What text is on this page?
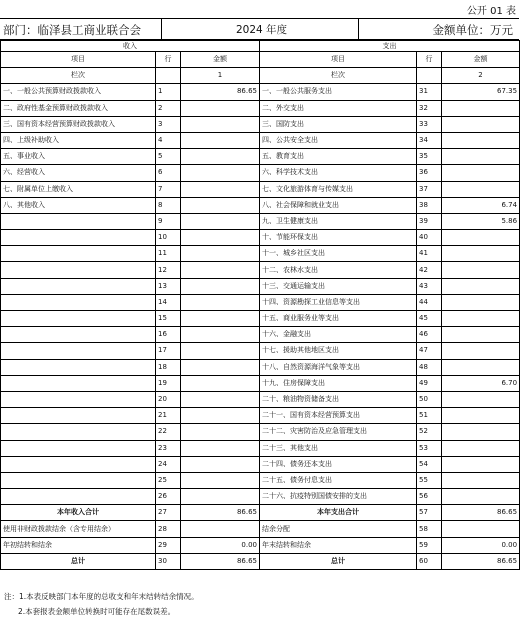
公开 01 表
部门：临泽县工商业联合会	2024 年度	金额单位：万元
收入			支出		
项目	行	金额	项目	行	金额
栏次		1	栏次		2
一、一般公共预算财政拨款收入	1	86.65	一、一般公共服务支出	31	67.35
二、政府性基金预算财政拨款收入	2		二、外交支出	32	
三、国有资本经营预算财政拨款收入	3		三、国防支出	33	
四、上级补助收入	4		四、公共安全支出	34	
五、事业收入	5		五、教育支出	35	
六、经营收入	6		六、科学技术支出	36	
七、附属单位上缴收入	7		七、文化旅游体育与传媒支出	37	
八、其他收入	8		八、社会保障和就业支出	38	6.74
	9		九、卫生健康支出	39	5.86
	10		十、节能环保支出	40	
	11		十一、城乡社区支出	41	
	12		十二、农林水支出	42	
	13		十三、交通运输支出	43	
	14		十四、资源勘探工业信息等支出	44	
	15		十五、商业服务业等支出	45	
	16		十六、金融支出	46	
	17		十七、援助其他地区支出	47	
	18		十八、自然资源海洋气象等支出	48	
	19		十九、住房保障支出	49	6.70
	20		二十、粮油物资储备支出	50	
	21		二十一、国有资本经营预算支出	51	
	22		二十二、灾害防治及应急管理支出	52	
	23		二十三、其他支出	53	
	24		二十四、债务还本支出	54	
	25		二十五、债务付息支出	55	
	26		二十六、抗疫特别国债安排的支出	56	
本年收入合计	27	86.65	本年支出合计	57	86.65
使用非财政拨款结余（含专用结余）	28		结余分配	58	
年初结转和结余	29	0.00	年末结转和结余	59	0.00
总计	30	86.65	总计	60	86.65
注：1.本表反映部门本年度的总收支和年末结转结余情况。
2.本套报表金额单位转换时可能存在尾数误差。
